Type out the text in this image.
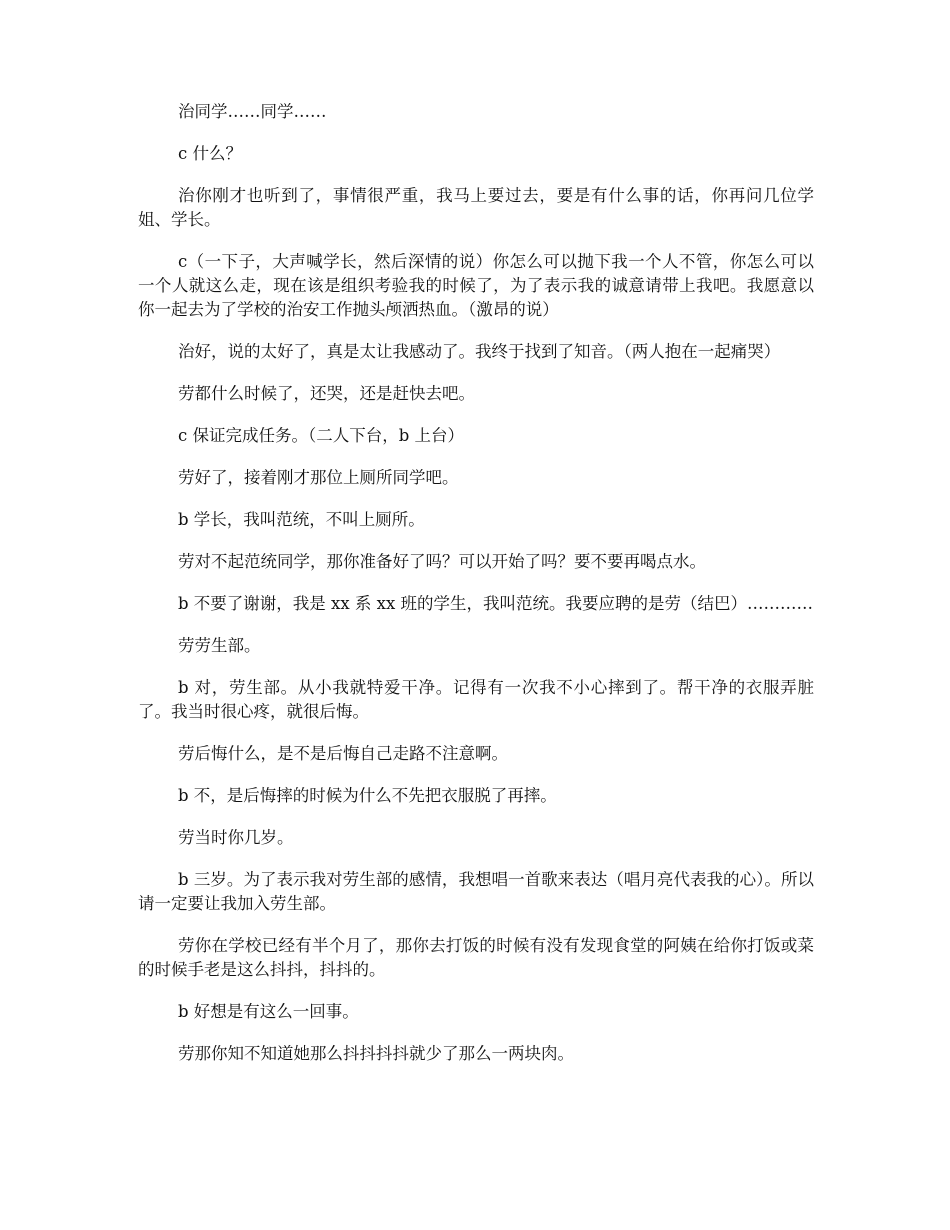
治同学……同学……

c 什么？

治你刚才也听到了，事情很严重，我马上要过去，要是有什么事的话，你再问几位学姐、学长。

c（一下子，大声喊学长，然后深情的说）你怎么可以抛下我一个人不管，你怎么可以一个人就这么走，现在该是组织考验我的时候了，为了表示我的诚意请带上我吧。我愿意以你一起去为了学校的治安工作抛头颅洒热血。（激昂的说）

治好，说的太好了，真是太让我感动了。我终于找到了知音。（两人抱在一起痛哭）

劳都什么时候了，还哭，还是赶快去吧。

c 保证完成任务。（二人下台，b 上台）

劳好了，接着刚才那位上厕所同学吧。

b 学长，我叫范统，不叫上厕所。

劳对不起范统同学，那你准备好了吗？可以开始了吗？要不要再喝点水。

b 不要了谢谢，我是 xx 系 xx 班的学生，我叫范统。我要应聘的是劳（结巴）…………

劳劳生部。

b 对，劳生部。从小我就特爱干净。记得有一次我不小心摔到了。帮干净的衣服弄脏了。我当时很心疼，就很后悔。

劳后悔什么，是不是后悔自己走路不注意啊。

b 不，是后悔摔的时候为什么不先把衣服脱了再摔。

劳当时你几岁。

b 三岁。为了表示我对劳生部的感情，我想唱一首歌来表达（唱月亮代表我的心）。所以请一定要让我加入劳生部。

劳你在学校已经有半个月了，那你去打饭的时候有没有发现食堂的阿姨在给你打饭或菜的时候手老是这么抖抖，抖抖的。

b 好想是有这么一回事。

劳那你知不知道她那么抖抖抖抖就少了那么一两块肉。
